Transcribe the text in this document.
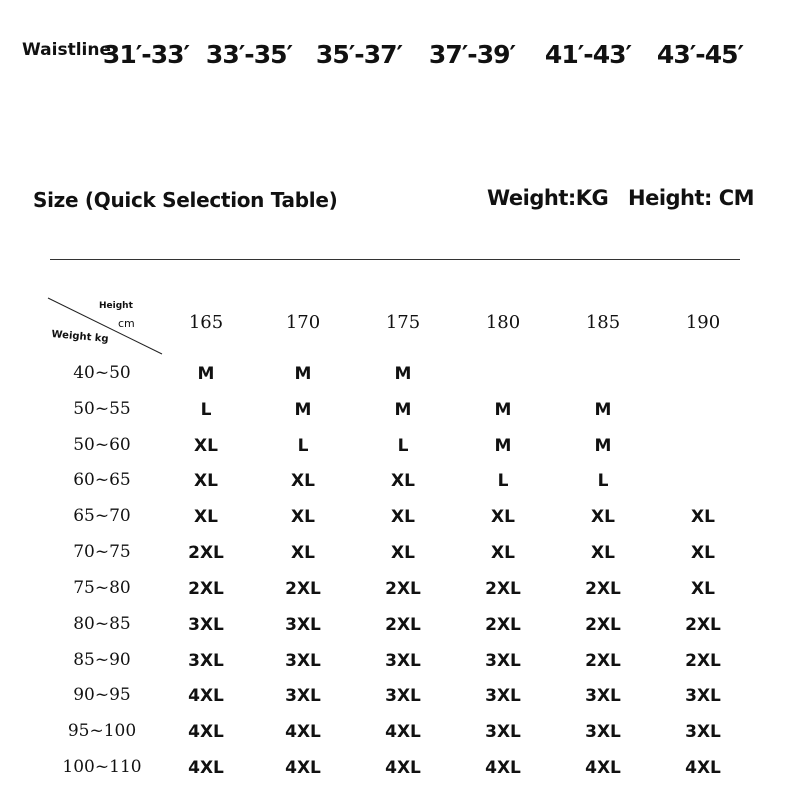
Waistline
31′-33′ 33′-35′ 35′-37′ 37′-39′ 41′-43′ 43′-45′
Size (Quick Selection Table)	Weight:KG Height: CM
Height
cm
Weight kg
165	170	175	180	185	190
40~50	M	M	M
50~55	L	M	M	M	M
50~60	XL	L	L	M	M
60~65	XL	XL	XL	L	L
65~70	XL	XL	XL	XL	XL	XL
70~75	2XL	XL	XL	XL	XL	XL
75~80	2XL	2XL	2XL	2XL	2XL	XL
80~85	3XL	3XL	2XL	2XL	2XL	2XL
85~90	3XL	3XL	3XL	3XL	2XL	2XL
90~95	4XL	3XL	3XL	3XL	3XL	3XL
95~100	4XL	4XL	4XL	3XL	3XL	3XL
100~110	4XL	4XL	4XL	4XL	4XL	4XL
